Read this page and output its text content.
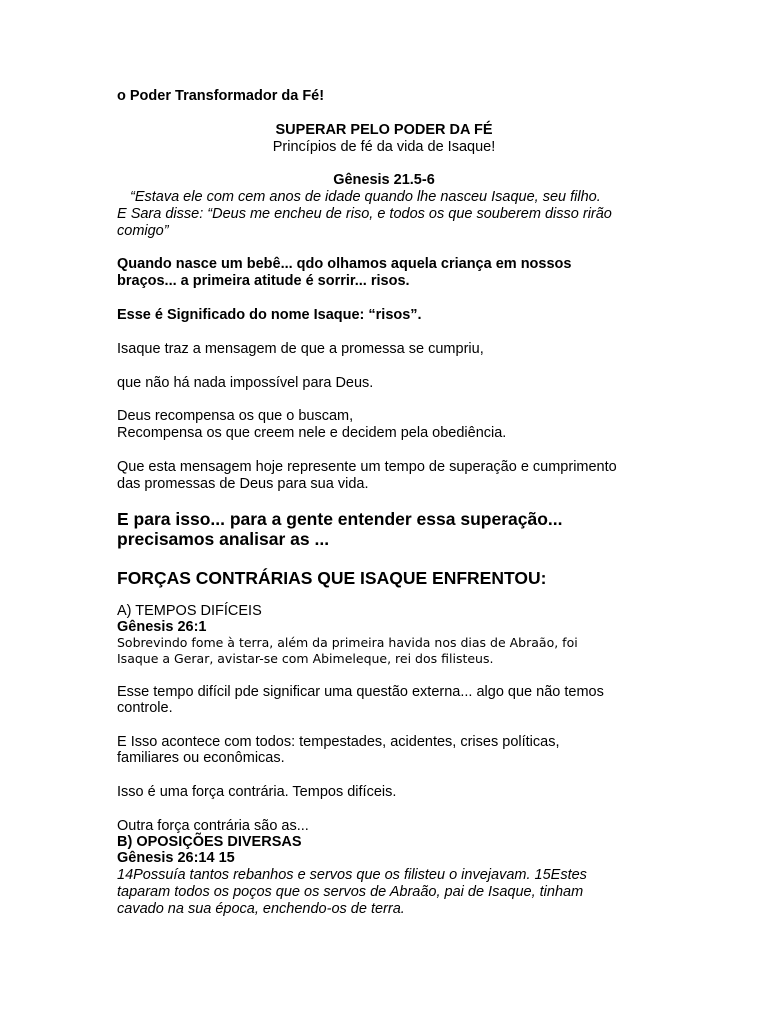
o Poder Transformador da Fé!
SUPERAR PELO PODER DA FÉ
Princípios de fé da vida de Isaque!
Gênesis 21.5-6
“Estava ele com cem anos de idade quando lhe nasceu Isaque, seu filho.
E Sara disse: “Deus me encheu de riso, e todos os que souberem disso rirão
comigo”
Quando nasce um bebê... qdo olhamos aquela criança em nossos
braços... a primeira atitude é sorrir... risos.
Esse é Significado do nome Isaque: “risos”.
Isaque traz a mensagem de que a promessa se cumpriu,
que não há nada impossível para Deus.
Deus recompensa os que o buscam,
Recompensa os que creem nele e decidem pela obediência.
Que esta mensagem hoje represente um tempo de superação e cumprimento
das promessas de Deus para sua vida.
E para isso... para a gente entender essa superação...
precisamos analisar as ...
FORÇAS CONTRÁRIAS QUE ISAQUE ENFRENTOU:
A) TEMPOS DIFÍCEIS
Gênesis 26:1
Sobrevindo fome à terra, além da primeira havida nos dias de Abraão, foi
Isaque a Gerar, avistar-se com Abimeleque, rei dos filisteus.
Esse tempo difícil pde significar uma questão externa... algo que não temos
controle.
E Isso acontece com todos: tempestades, acidentes, crises políticas,
familiares ou econômicas.
Isso é uma força contrária. Tempos difíceis.
Outra força contrária são as...
B) OPOSIÇÕES DIVERSAS
Gênesis 26:14 15
14Possuía tantos rebanhos e servos que os filisteu o invejavam. 15Estes
taparam todos os poços que os servos de Abraão, pai de Isaque, tinham
cavado na sua época, enchendo-os de terra.
